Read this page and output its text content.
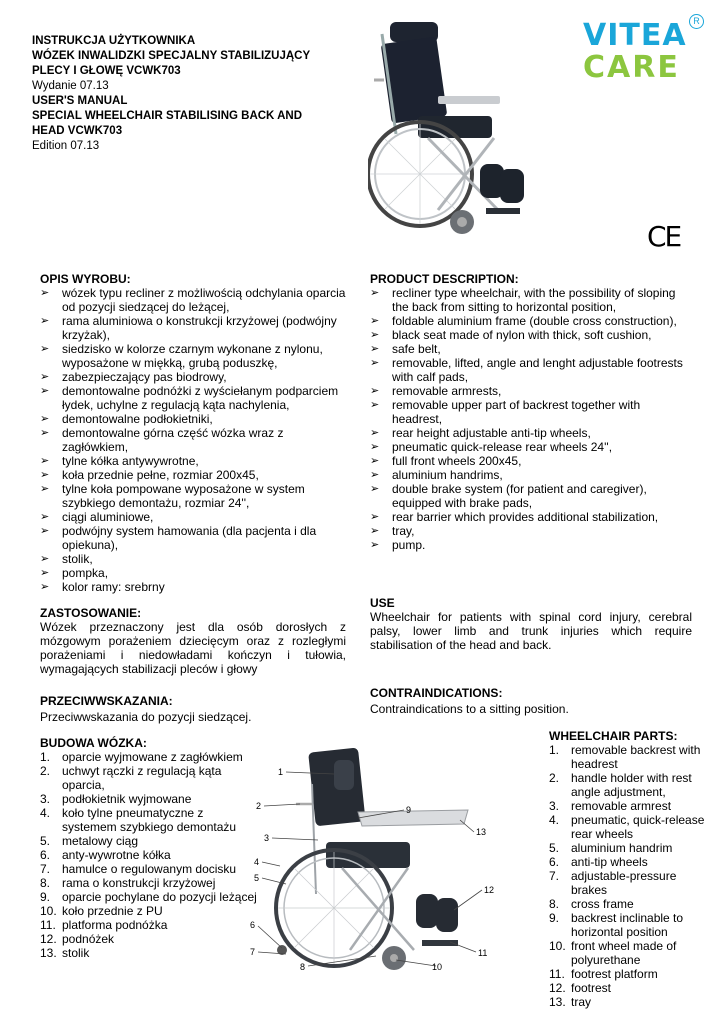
INSTRUKCJA UŻYTKOWNIKA
WÓZEK INWALIDZKI SPECJALNY STABILIZUJĄCY
PLECY I GŁOWĘ VCWK703
Wydanie 07.13
USER'S MANUAL
SPECIAL WHEELCHAIR STABILISING BACK AND
HEAD VCWK703
Edition 07.13
VITEA
CARE
R
CE
OPIS WYROBU:
➢ wózek typu recliner z możliwością odchylania oparcia od pozycji siedzącej do leżącej,
➢ rama aluminiowa o konstrukcji krzyżowej (podwójny krzyżak),
➢ siedzisko w kolorze czarnym wykonane z nylonu, wyposażone w miękką, grubą poduszkę,
➢ zabezpieczający pas biodrowy,
➢ demontowalne podnóżki z wyściełanym podparciem łydek, uchylne z regulacją kąta nachylenia,
➢ demontowalne podłokietniki,
➢ demontowalne górna część wózka wraz z zagłówkiem,
➢ tylne kółka antywywrotne,
➢ koła przednie pełne, rozmiar 200x45,
➢ tylne koła pompowane wyposażone w system szybkiego demontażu, rozmiar 24'',
➢ ciągi aluminiowe,
➢ podwójny system hamowania (dla pacjenta i dla opiekuna),
➢ stolik,
➢ pompka,
➢ kolor ramy: srebrny
PRODUCT DESCRIPTION:
➢ recliner type wheelchair, with the possibility of sloping the back from sitting to horizontal position,
➢ foldable aluminium frame (double cross construction),
➢ black seat made of nylon with thick, soft cushion,
➢ safe belt,
➢ removable, lifted, angle and lenght adjustable footrests with calf pads,
➢ removable armrests,
➢ removable upper part of backrest together with headrest,
➢ rear height adjustable anti-tip wheels,
➢ pneumatic quick-release rear wheels 24'',
➢ full front wheels 200x45,
➢ aluminium handrims,
➢ double brake system (for patient and caregiver), equipped with brake pads,
➢ rear barrier which provides additional stabilization,
➢ tray,
➢ pump.
ZASTOSOWANIE:
Wózek przeznaczony jest dla osób dorosłych z mózgowym porażeniem dziecięcym oraz z rozległymi porażeniami i niedowładami kończyn i tułowia, wymagających stabilizacji pleców i głowy
USE
Wheelchair for patients with spinal cord injury, cerebral palsy, lower limb and trunk injuries which require stabilisation of the head and back.
PRZECIWWSKAZANIA:
Przeciwwskazania do pozycji siedzącej.
CONTRAINDICATIONS:
Contraindications to a sitting position.
BUDOWA WÓZKA:
1. oparcie wyjmowane z zagłówkiem
2. uchwyt rączki z regulacją kąta oparcia,
3. podłokietnik wyjmowane
4. koło tylne pneumatyczne z systemem szybkiego demontażu
5. metalowy ciąg
6. anty-wywrotne kółka
7. hamulce o regulowanym docisku
8. rama o konstrukcji krzyżowej
9. oparcie pochylane do pozycji leżącej
10. koło przednie z PU
11. platforma podnóżka
12. podnóżek
13. stolik
WHEELCHAIR PARTS:
1. removable backrest with headrest
2. handle holder with rest angle adjustment,
3. removable armrest
4. pneumatic, quick-release rear wheels
5. aluminium handrim
6. anti-tip wheels
7. adjustable-pressure brakes
8. cross frame
9. backrest inclinable to horizontal position
10. front wheel made of polyurethane
11. footrest platform
12. footrest
13. tray
1
2
3
4
5
6
7
8
9
10
11
12
13
